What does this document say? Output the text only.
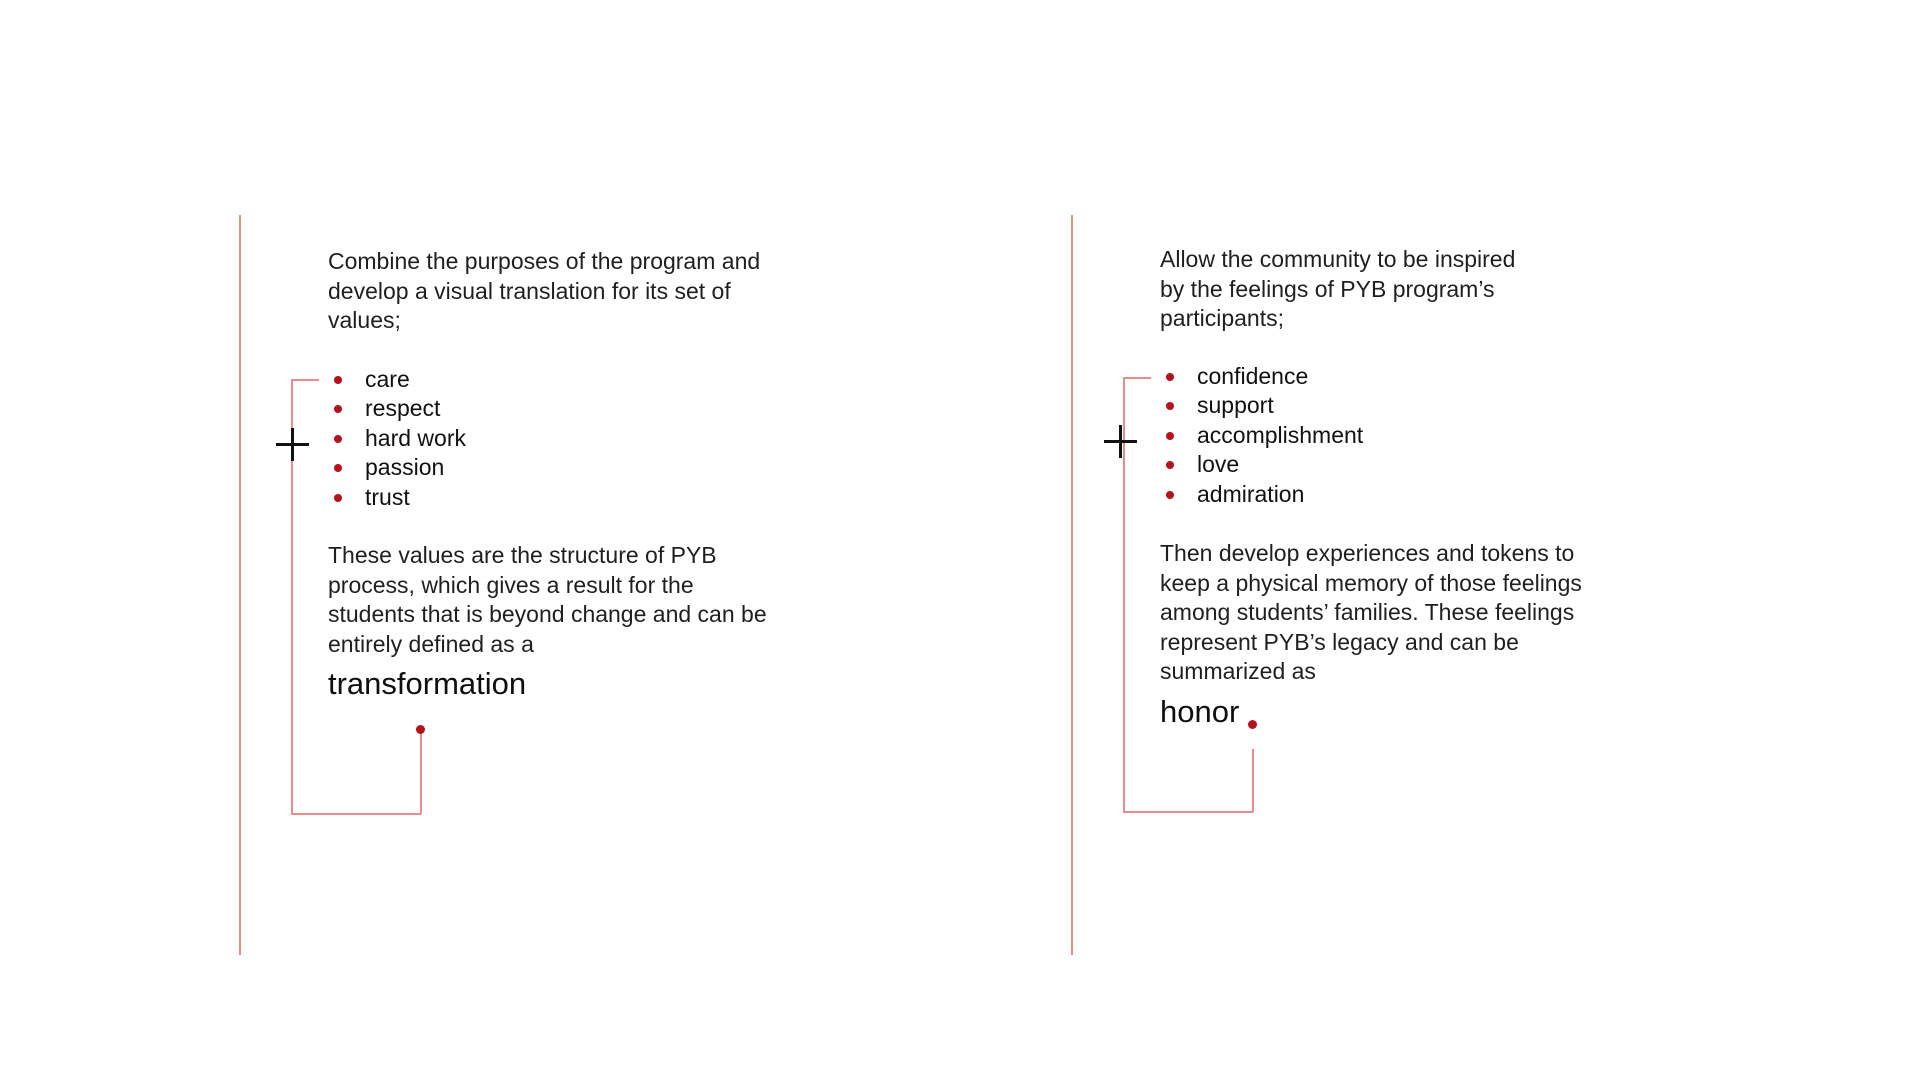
Combine the purposes of the program and
develop a visual translation for its set of
values;

care
respect
hard work
passion
trust

These values are the structure of PYB
process, which gives a result for the
students that is beyond change and can be
entirely defined as a

transformation

Allow the community to be inspired
by the feelings of PYB program’s
participants;

confidence
support
accomplishment
love
admiration

Then develop experiences and tokens to
keep a physical memory of those feelings
among students’ families. These feelings
represent PYB’s legacy and can be
summarized as

honor
